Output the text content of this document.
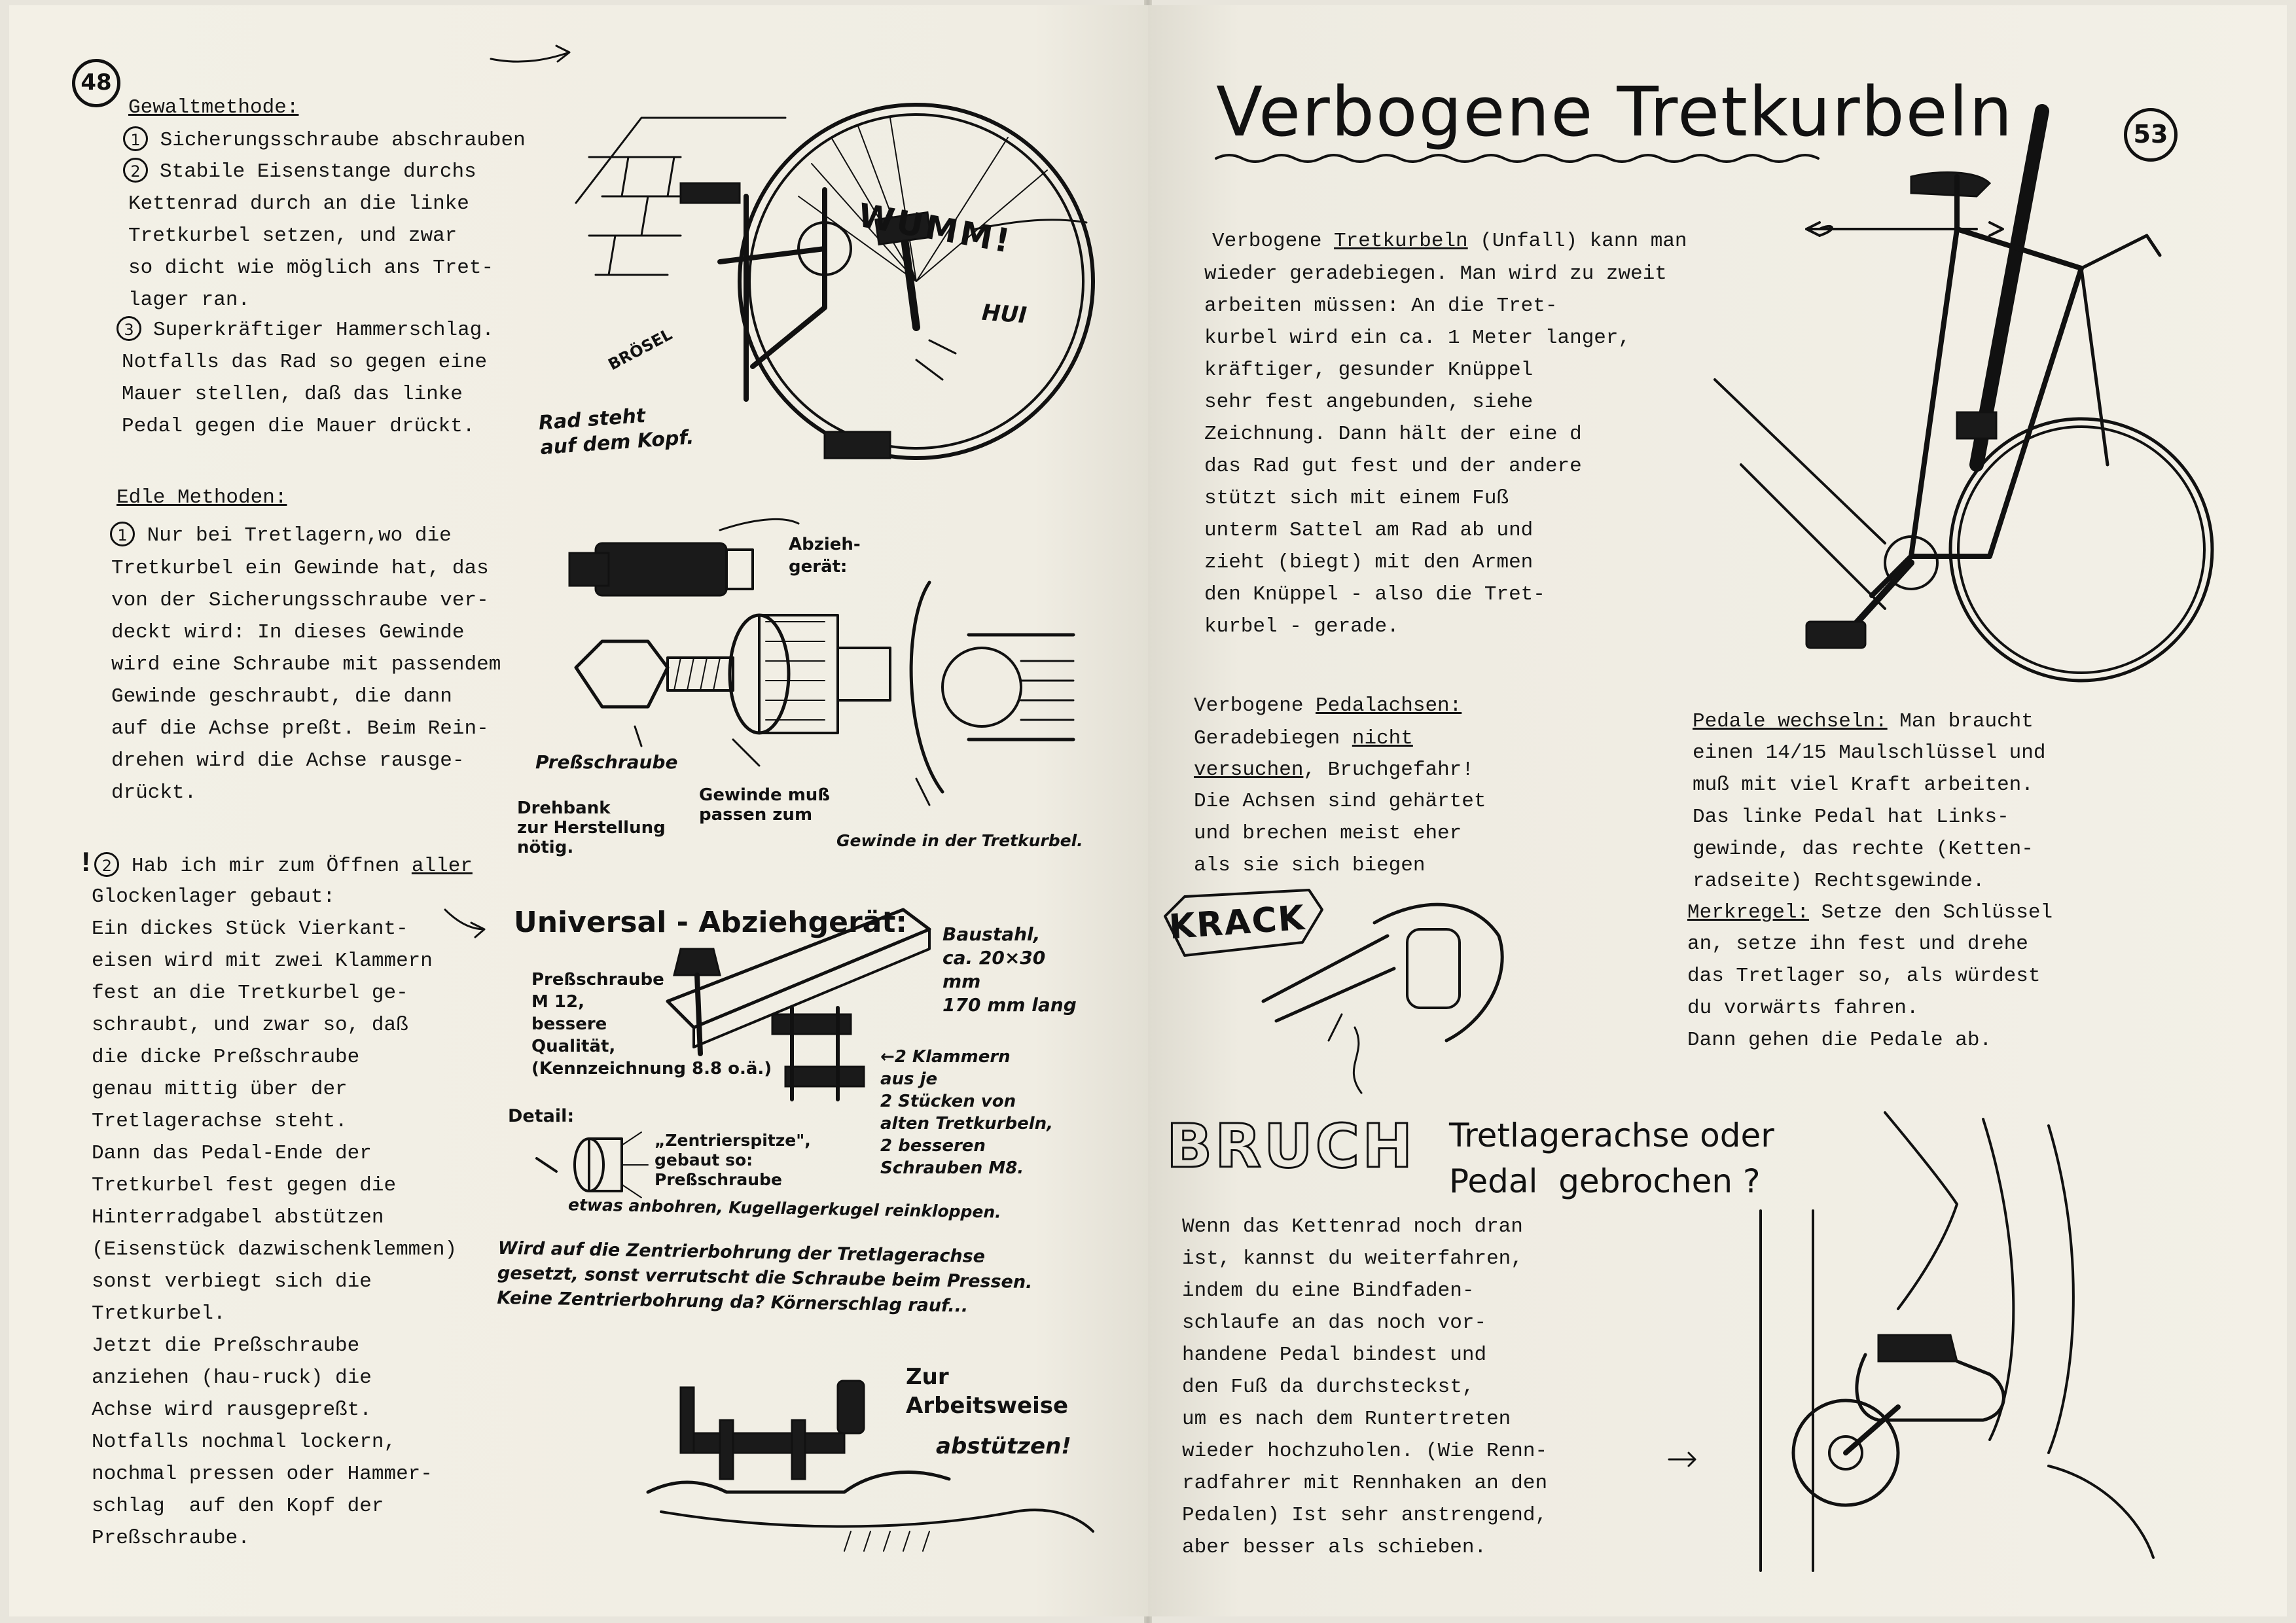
48
Gewaltmethode:
1 Sicherungsschraube abschrauben
2 Stabile Eisenstange durchs
Kettenrad durch an die linke
Tretkurbel setzen, und zwar
so dicht wie möglich ans Tret-
lager ran.
3 Superkräftiger Hammerschlag.
Notfalls das Rad so gegen eine
Mauer stellen, daß das linke
Pedal gegen die Mauer drückt.
Edle Methoden:
1 Nur bei Tretlagern,wo die
Tretkurbel ein Gewinde hat, das
von der Sicherungsschraube ver-
deckt wird: In dieses Gewinde
wird eine Schraube mit passendem
Gewinde geschraubt, die dann
auf die Achse preßt. Beim Rein-
drehen wird die Achse rausge-
drückt.
! 2 Hab ich mir zum Öffnen aller
Glockenlager gebaut:
Ein dickes Stück Vierkant-
eisen wird mit zwei Klammern
fest an die Tretkurbel ge-
schraubt, und zwar so, daß
die dicke Preßschraube
genau mittig über der
Tretlagerachse steht.
Dann das Pedal-Ende der
Tretkurbel fest gegen die
Hinterradgabel abstützen
(Eisenstück dazwischenklemmen)
sonst verbiegt sich die
Tretkurbel.
Jetzt die Preßschraube
anziehen (hau-ruck) die
Achse wird rausgepreßt.
Notfalls nochmal lockern,
nochmal pressen oder Hammer-
schlag  auf den Kopf der
Preßschraube.
WUMM!
HUI
BRÖSEL
Rad steht
auf dem Kopf.
Abzieh-
gerät:
Preßschraube
Drehbank
zur Herstellung
nötig.
Gewinde muß
passen zum
Gewinde in der Tretkurbel.
Universal - Abziehgerät: Baustahl,
ca. 20×30
mm
170 mm lang
Preßschraube
M 12,
bessere
Qualität,
(Kennzeichnung 8.8 o.ä.)
←2 Klammern
aus je
2 Stücken von
alten Tretkurbeln,
2 besseren
Schrauben M8.
Detail:
„Zentrierspitze",
gebaut so:
Preßschraube
etwas anbohren, Kugellagerkugel reinkloppen.
Wird auf die Zentrierbohrung der Tretlagerachse
gesetzt, sonst verrutscht die Schraube beim Pressen.
Keine Zentrierbohrung da? Körnerschlag rauf...
Zur
Arbeitsweise
abstützen!
Verbogene Tretkurbeln	53
Verbogene Tretkurbeln (Unfall) kann man
wieder geradebiegen. Man wird zu zweit
arbeiten müssen: An die Tret-
kurbel wird ein ca. 1 Meter langer,
kräftiger, gesunder Knüppel
sehr fest angebunden, siehe
Zeichnung. Dann hält der eine d
das Rad gut fest und der andere
stützt sich mit einem Fuß
unterm Sattel am Rad ab und
zieht (biegt) mit den Armen
den Knüppel - also die Tret-
kurbel - gerade.
Verbogene Pedalachsen:
Geradebiegen nicht
versuchen, Bruchgefahr!
Die Achsen sind gehärtet
und brechen meist eher
als sie sich biegen
KRACK
Pedale wechseln: Man braucht
einen 14/15 Maulschlüssel und
muß mit viel Kraft arbeiten.
Das linke Pedal hat Links-
gewinde, das rechte (Ketten-
radseite) Rechtsgewinde.
Merkregel: Setze den Schlüssel
an, setze ihn fest und drehe
das Tretlager so, als würdest
du vorwärts fahren.
Dann gehen die Pedale ab.
BRUCH Tretlagerachse oder
Pedal  gebrochen ?
Wenn das Kettenrad noch dran
ist, kannst du weiterfahren,
indem du eine Bindfaden-
schlaufe an das noch vor-
handene Pedal bindest und
den Fuß da durchsteckst,
um es nach dem Runtertreten
wieder hochzuholen. (Wie Renn-
radfahrer mit Rennhaken an den
Pedalen) Ist sehr anstrengend,
aber besser als schieben.
